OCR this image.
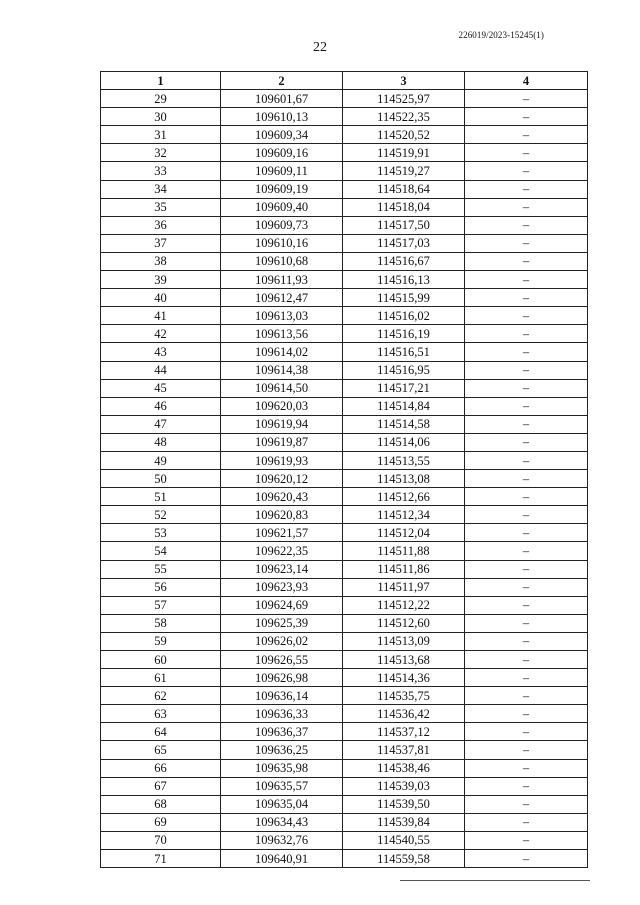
226019/2023-15245(1)
22
1	2	3	4
29	109601,67	114525,97	–
30	109610,13	114522,35	–
31	109609,34	114520,52	–
32	109609,16	114519,91	–
33	109609,11	114519,27	–
34	109609,19	114518,64	–
35	109609,40	114518,04	–
36	109609,73	114517,50	–
37	109610,16	114517,03	–
38	109610,68	114516,67	–
39	109611,93	114516,13	–
40	109612,47	114515,99	–
41	109613,03	114516,02	–
42	109613,56	114516,19	–
43	109614,02	114516,51	–
44	109614,38	114516,95	–
45	109614,50	114517,21	–
46	109620,03	114514,84	–
47	109619,94	114514,58	–
48	109619,87	114514,06	–
49	109619,93	114513,55	–
50	109620,12	114513,08	–
51	109620,43	114512,66	–
52	109620,83	114512,34	–
53	109621,57	114512,04	–
54	109622,35	114511,88	–
55	109623,14	114511,86	–
56	109623,93	114511,97	–
57	109624,69	114512,22	–
58	109625,39	114512,60	–
59	109626,02	114513,09	–
60	109626,55	114513,68	–
61	109626,98	114514,36	–
62	109636,14	114535,75	–
63	109636,33	114536,42	–
64	109636,37	114537,12	–
65	109636,25	114537,81	–
66	109635,98	114538,46	–
67	109635,57	114539,03	–
68	109635,04	114539,50	–
69	109634,43	114539,84	–
70	109632,76	114540,55	–
71	109640,91	114559,58	–
